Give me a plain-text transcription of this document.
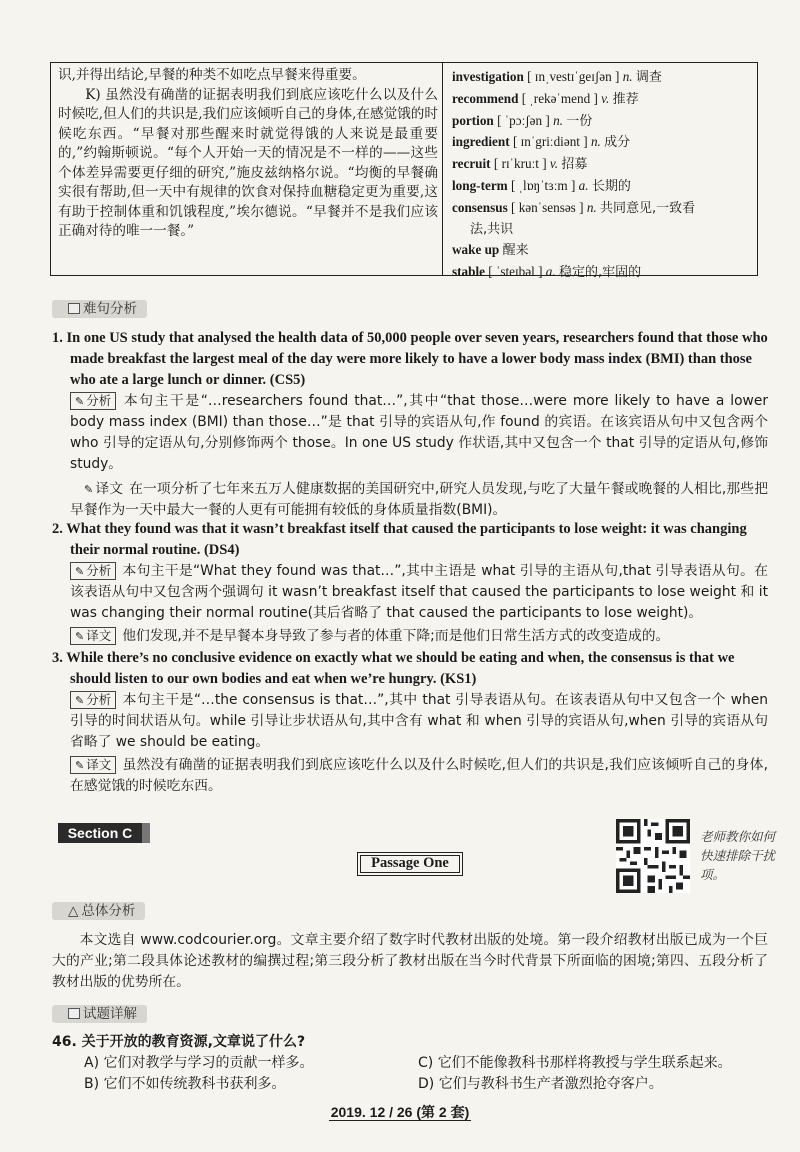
识,并得出结论,早餐的种类不如吃点早餐来得重要。

K) 虽然没有确凿的证据表明我们到底应该吃什么以及什么时候吃,但人们的共识是,我们应该倾听自己的身体,在感觉饿的时候吃东西。“早餐对那些醒来时就觉得饿的人来说是最重要的,”约翰斯顿说。“每个人开始一天的情况是不一样的——这些个体差异需要更仔细的研究,”施皮兹纳格尔说。“均衡的早餐确实很有帮助,但一天中有规律的饮食对保持血糖稳定更为重要,这有助于控制体重和饥饿程度,”埃尔德说。“早餐并不是我们应该正确对待的唯一一餐。”

investigation [ ɪnˌvestɪˈgeɪʃən ] n. 调查
recommend [ ˌrekəˈmend ] v. 推荐
portion [ ˈpɔːʃən ] n. 一份
ingredient [ ɪnˈgriːdiənt ] n. 成分
recruit [ rɪˈkruːt ] v. 招募
long-term [ ˌlɒŋˈtɜːm ] a. 长期的
consensus [ kənˈsensəs ] n. 共同意见,一致看
法,共识
wake up 醒来
stable [ ˈsteɪbəl ] a. 稳定的,牢固的
难句分析
1. In one US study that analysed the health data of 50,000 people over seven years, researchers found that those who made breakfast the largest meal of the day were more likely to have a lower body mass index (BMI) than those who ate a large lunch or dinner. (CS5)
✎ 分析 本句主干是“…researchers found that…”,其中“that those…were more likely to have a lower body mass index (BMI) than those…”是 that 引导的宾语从句,作 found 的宾语。在该宾语从句中又包含两个 who 引导的定语从句,分别修饰两个 those。In one US study 作状语,其中又包含一个 that 引导的定语从句,修饰 study。
✎ 译文 在一项分析了七年来五万人健康数据的美国研究中,研究人员发现,与吃了大量午餐或晚餐的人相比,那些把早餐作为一天中最大一餐的人更有可能拥有较低的身体质量指数(BMI)。
2. What they found was that it wasn’t breakfast itself that caused the participants to lose weight: it was changing their normal routine. (DS4)
✎ 分析 本句主干是“What they found was that…”,其中主语是 what 引导的主语从句,that 引导表语从句。在该表语从句中又包含两个强调句 it wasn’t breakfast itself that caused the participants to lose weight 和 it was changing their normal routine(其后省略了 that caused the participants to lose weight)。
✎ 译文 他们发现,并不是早餐本身导致了参与者的体重下降;而是他们日常生活方式的改变造成的。
3. While there’s no conclusive evidence on exactly what we should be eating and when, the consensus is that we should listen to our own bodies and eat when we’re hungry. (KS1)
✎ 分析 本句主干是“…the consensus is that…”,其中 that 引导表语从句。在该表语从句中又包含一个 when 引导的时间状语从句。while 引导让步状语从句,其中含有 what 和 when 引导的宾语从句,when 引导的宾语从句省略了 we should be eating。
✎ 译文 虽然没有确凿的证据表明我们到底应该吃什么以及什么时候吃,但人们的共识是,我们应该倾听自己的身体,在感觉饿的时候吃东西。
Section C
Passage One
老师教你如何快速排除干扰项。
△ 总体分析
本文选自 www.codcourier.org。文章主要介绍了数字时代教材出版的处境。第一段介绍教材出版已成为一个巨大的产业;第二段具体论述教材的编撰过程;第三段分析了教材出版在当今时代背景下所面临的困境;第四、五段分析了教材出版的优势所在。
试题详解
46. 关于开放的教育资源,文章说了什么?
A) 它们对教学与学习的贡献一样多。	C) 它们不能像教科书那样将教授与学生联系起来。
B) 它们不如传统教科书获利多。	D) 它们与教科书生产者激烈抢夺客户。
2019. 12 / 26 (第 2 套)
